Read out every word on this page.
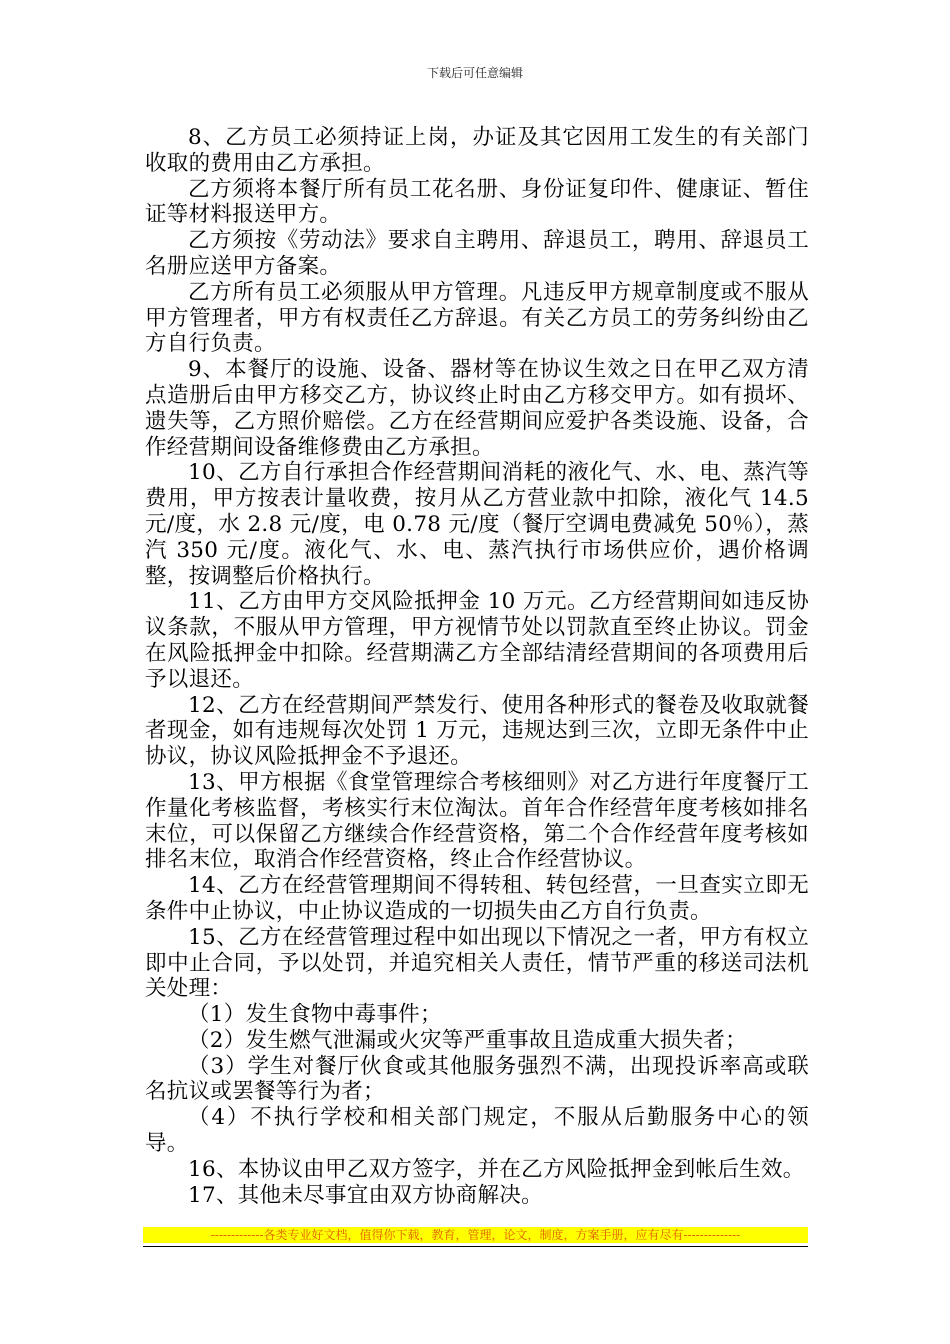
下载后可任意编辑

8、乙方员工必须持证上岗，办证及其它因用工发生的有关部门收取的费用由乙方承担。

乙方须将本餐厅所有员工花名册、身份证复印件、健康证、暂住证等材料报送甲方。

乙方须按《劳动法》要求自主聘用、辞退员工，聘用、辞退员工名册应送甲方备案。

乙方所有员工必须服从甲方管理。凡违反甲方规章制度或不服从甲方管理者，甲方有权责任乙方辞退。有关乙方员工的劳务纠纷由乙方自行负责。

9、本餐厅的设施、设备、器材等在协议生效之日在甲乙双方清点造册后由甲方移交乙方，协议终止时由乙方移交甲方。如有损坏、遗失等，乙方照价赔偿。乙方在经营期间应爱护各类设施、设备，合作经营期间设备维修费由乙方承担。

10、乙方自行承担合作经营期间消耗的液化气、水、电、蒸汽等费用，甲方按表计量收费，按月从乙方营业款中扣除，液化气 14.5 元/度，水 2.8 元/度，电 0.78 元/度（餐厅空调电费减免 50％），蒸汽 350 元/度。液化气、水、电、蒸汽执行市场供应价，遇价格调整，按调整后价格执行。

11、乙方由甲方交风险抵押金 10 万元。乙方经营期间如违反协议条款，不服从甲方管理，甲方视情节处以罚款直至终止协议。罚金在风险抵押金中扣除。经营期满乙方全部结清经营期间的各项费用后予以退还。

12、乙方在经营期间严禁发行、使用各种形式的餐卷及收取就餐者现金，如有违规每次处罚 1 万元，违规达到三次，立即无条件中止协议，协议风险抵押金不予退还。

13、甲方根据《食堂管理综合考核细则》对乙方进行年度餐厅工作量化考核监督，考核实行末位淘汰。首年合作经营年度考核如排名末位，可以保留乙方继续合作经营资格，第二个合作经营年度考核如排名末位，取消合作经营资格，终止合作经营协议。

14、乙方在经营管理期间不得转租、转包经营，一旦查实立即无条件中止协议，中止协议造成的一切损失由乙方自行负责。

15、乙方在经营管理过程中如出现以下情况之一者，甲方有权立即中止合同，予以处罚，并追究相关人责任，情节严重的移送司法机关处理：

（1）发生食物中毒事件；

（2）发生燃气泄漏或火灾等严重事故且造成重大损失者；

（3）学生对餐厅伙食或其他服务强烈不满，出现投诉率高或联名抗议或罢餐等行为者；

（4）不执行学校和相关部门规定，不服从后勤服务中心的领导。

16、本协议由甲乙双方签字，并在乙方风险抵押金到帐后生效。

17、其他未尽事宜由双方协商解决。

-------------各类专业好文档，值得你下载，教育，管理，论文，制度，方案手册，应有尽有--------------
